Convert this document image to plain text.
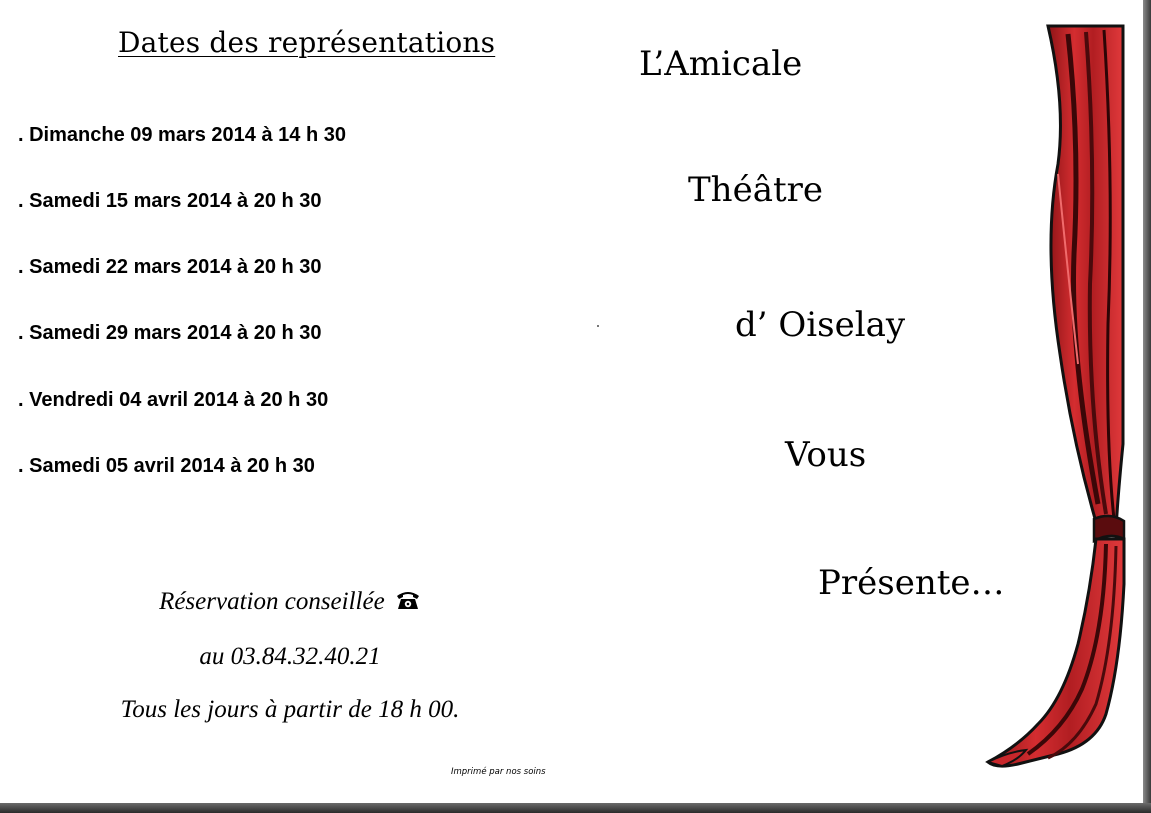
Dates des représentations
. Dimanche 09 mars 2014 à 14 h 30
. Samedi 15 mars 2014 à 20 h 30
. Samedi 22 mars 2014 à 20 h 30
. Samedi 29 mars 2014 à 20 h 30
. Vendredi 04 avril 2014 à 20 h 30
. Samedi 05 avril 2014 à 20 h 30
Réservation conseillée
au 03.84.32.40.21
Tous les jours à partir de 18 h 00.
Imprimé par nos soins
L’Amicale
Théâtre
d’ Oiselay
Vous
Présente…
